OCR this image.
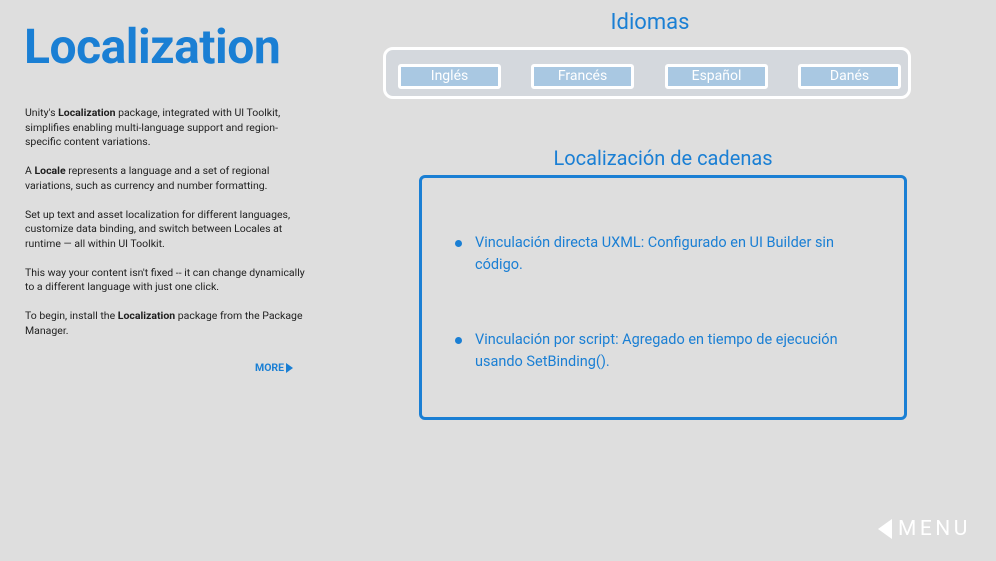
Localization

Unity's Localization package, integrated with UI Toolkit, simplifies enabling multi-language support and region-specific content variations.

A Locale represents a language and a set of regional variations, such as currency and number formatting.

Set up text and asset localization for different languages, customize data binding, and switch between Locales at runtime — all within UI Toolkit.

This way your content isn't fixed -- it can change dynamically to a different language with just one click.

To begin, install the Localization package from the Package Manager.

MORE
Idiomas
Inglés	Francés	Español	Danés
Localización de cadenas
Vinculación directa UXML: Configurado en UI Builder sin código.
Vinculación por script: Agregado en tiempo de ejecución usando SetBinding().
MENU
